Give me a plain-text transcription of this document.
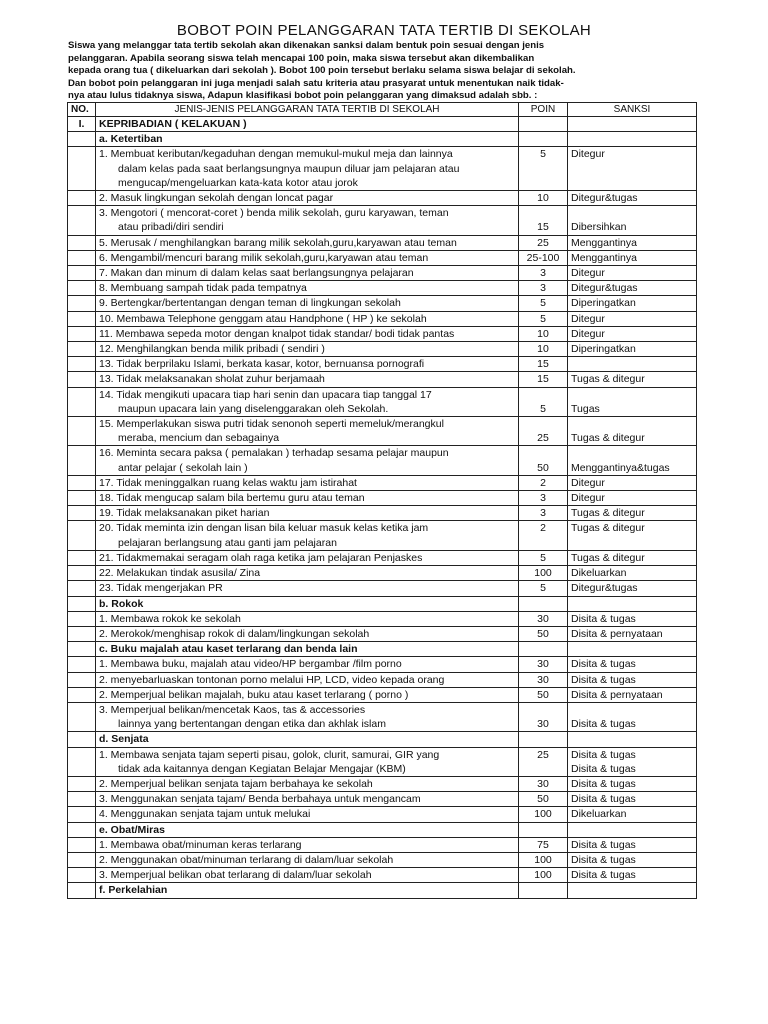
BOBOT POIN PELANGGARAN TATA TERTIB DI SEKOLAH
Siswa yang melanggar tata tertib sekolah akan dikenakan sanksi dalam bentuk poin sesuai dengan jenis
pelanggaran. Apabila seorang siswa telah mencapai 100 poin, maka siswa tersebut akan dikembalikan
kepada orang tua ( dikeluarkan dari sekolah ). Bobot 100 poin tersebut berlaku selama siswa belajar di sekolah.
Dan bobot poin pelanggaran ini juga menjadi salah satu kriteria atau prasyarat untuk menentukan naik tidak-
nya atau lulus tidaknya siswa, Adapun klasifikasi bobot poin pelanggaran yang dimaksud adalah sbb. :
NO.	JENIS-JENIS PELANGGARAN TATA TERTIB DI SEKOLAH	POIN	SANKSI
I.	KEPRIBADIAN ( KELAKUAN )		
	a. Ketertiban		
	1. Membuat keributan/kegaduhan dengan memukul-mukul meja dan lainnya	5	Ditegur
	dalam kelas pada saat berlangsungnya maupun diluar jam pelajaran atau		
	mengucap/mengeluarkan kata-kata kotor atau jorok		
	2. Masuk lingkungan sekolah dengan loncat pagar	10	Ditegur&tugas
	3. Mengotori ( mencorat-coret ) benda milik sekolah, guru karyawan, teman		
	atau pribadi/diri sendiri	15	Dibersihkan
	5. Merusak / menghilangkan barang milik sekolah,guru,karyawan atau teman	25	Menggantinya
	6. Mengambil/mencuri barang milik sekolah,guru,karyawan atau teman	25-100	Menggantinya
	7. Makan dan minum di dalam kelas saat berlangsungnya pelajaran	3	Ditegur
	8. Membuang sampah tidak pada tempatnya	3	Ditegur&tugas
	9. Bertengkar/bertentangan dengan teman di lingkungan sekolah	5	Diperingatkan
	10. Membawa Telephone genggam atau Handphone ( HP ) ke sekolah	5	Ditegur
	11. Membawa sepeda motor dengan knalpot tidak standar/ bodi tidak pantas	10	Ditegur
	12. Menghilangkan benda milik pribadi ( sendiri )	10	Diperingatkan
	13. Tidak berprilaku Islami, berkata kasar, kotor, bernuansa pornografi	15	
	13. Tidak melaksanakan sholat zuhur berjamaah	15	Tugas & ditegur
	14. Tidak mengikuti upacara tiap hari senin dan upacara tiap tanggal 17		
	maupun upacara lain yang diselenggarakan oleh Sekolah.	5	Tugas
	15. Memperlakukan siswa putri tidak senonoh seperti memeluk/merangkul		
	meraba, mencium dan sebagainya	25	Tugas & ditegur
	16. Meminta secara paksa ( pemalakan ) terhadap sesama pelajar maupun		
	antar pelajar ( sekolah lain )	50	Menggantinya&tugas
	17. Tidak meninggalkan ruang kelas waktu jam istirahat	2	Ditegur
	18. Tidak mengucap salam bila bertemu guru atau teman	3	Ditegur
	19. Tidak melaksanakan piket harian	3	Tugas & ditegur
	20. Tidak meminta izin dengan lisan bila keluar masuk kelas ketika jam	2	Tugas & ditegur
	pelajaran berlangsung atau ganti jam pelajaran		
	21. Tidakmemakai seragam olah raga ketika jam pelajaran Penjaskes	5	Tugas & ditegur
	22. Melakukan tindak asusila/ Zina	100	Dikeluarkan
	23. Tidak mengerjakan PR	5	Ditegur&tugas
	b. Rokok		
	1. Membawa rokok ke sekolah	30	Disita & tugas
	2. Merokok/menghisap rokok di dalam/lingkungan sekolah	50	Disita & pernyataan
	c. Buku majalah atau kaset terlarang dan benda lain		
	1. Membawa buku, majalah atau video/HP bergambar /film porno	30	Disita & tugas
	2. menyebarluaskan tontonan porno melalui HP, LCD, video kepada orang	30	Disita & tugas
	2. Memperjual belikan majalah, buku atau kaset terlarang ( porno )	50	Disita & pernyataan
	3. Memperjual belikan/mencetak Kaos, tas & accessories		
	lainnya yang bertentangan dengan etika dan akhlak islam	30	Disita & tugas
	d. Senjata		
	1. Membawa senjata tajam seperti pisau, golok, clurit, samurai, GIR yang	25	Disita & tugas
	tidak ada kaitannya dengan Kegiatan Belajar Mengajar (KBM)		Disita & tugas
	2. Memperjual belikan senjata tajam berbahaya ke sekolah	30	Disita & tugas
	3. Menggunakan senjata tajam/ Benda berbahaya untuk mengancam	50	Disita & tugas
	4. Menggunakan senjata tajam untuk melukai	100	Dikeluarkan
	e. Obat/Miras		
	1. Membawa obat/minuman keras terlarang	75	Disita & tugas
	2. Menggunakan obat/minuman terlarang di dalam/luar sekolah	100	Disita & tugas
	3. Memperjual belikan obat terlarang di dalam/luar sekolah	100	Disita & tugas
	f. Perkelahian		
